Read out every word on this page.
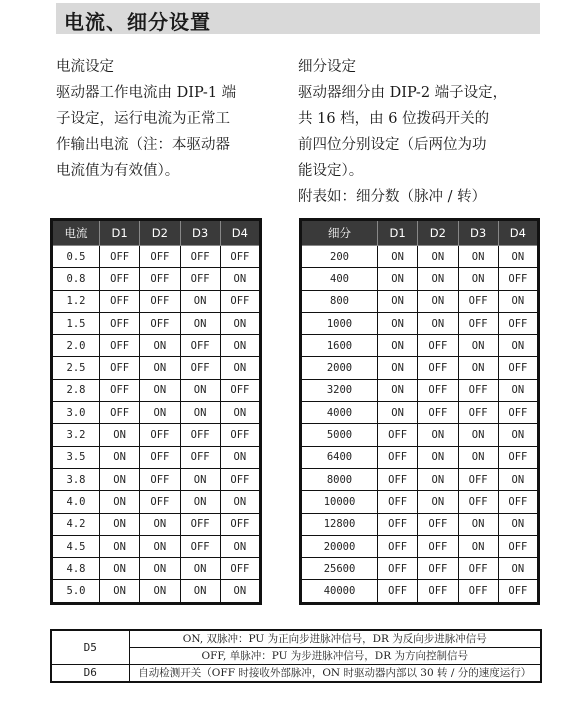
电流、细分设置
电流设定
驱动器工作电流由 DIP-1 端
子设定，运行电流为正常工
作输出电流（注：本驱动器
电流值为有效值）。
细分设定
驱动器细分由 DIP-2 端子设定，
共 16 档，由 6 位拨码开关的
前四位分别设定（后两位为功
能设定）。
附表如：细分数（脉冲 / 转）
电流	D1	D2	D3	D4
0.5	OFF	OFF	OFF	OFF
0.8	OFF	OFF	OFF	ON
1.2	OFF	OFF	ON	OFF
1.5	OFF	OFF	ON	ON
2.0	OFF	ON	OFF	ON
2.5	OFF	ON	OFF	ON
2.8	OFF	ON	ON	OFF
3.0	OFF	ON	ON	ON
3.2	ON	OFF	OFF	OFF
3.5	ON	OFF	OFF	ON
3.8	ON	OFF	ON	OFF
4.0	ON	OFF	ON	ON
4.2	ON	ON	OFF	OFF
4.5	ON	ON	OFF	ON
4.8	ON	ON	ON	OFF
5.0	ON	ON	ON	ON
细分	D1	D2	D3	D4
200	ON	ON	ON	ON
400	ON	ON	ON	OFF
800	ON	ON	OFF	ON
1000	ON	ON	OFF	OFF
1600	ON	OFF	ON	ON
2000	ON	OFF	ON	OFF
3200	ON	OFF	OFF	ON
4000	ON	OFF	OFF	OFF
5000	OFF	ON	ON	ON
6400	OFF	ON	ON	OFF
8000	OFF	ON	OFF	ON
10000	OFF	ON	OFF	OFF
12800	OFF	OFF	ON	ON
20000	OFF	OFF	ON	OFF
25600	OFF	OFF	OFF	ON
40000	OFF	OFF	OFF	OFF
D5	ON, 双脉冲：PU 为正向步进脉冲信号，DR 为反向步进脉冲信号
	OFF, 单脉冲：PU 为步进脉冲信号，DR 为方向控制信号
D6	自动检测开关（OFF 时接收外部脉冲，ON 时驱动器内部以 30 转 / 分的速度运行）
